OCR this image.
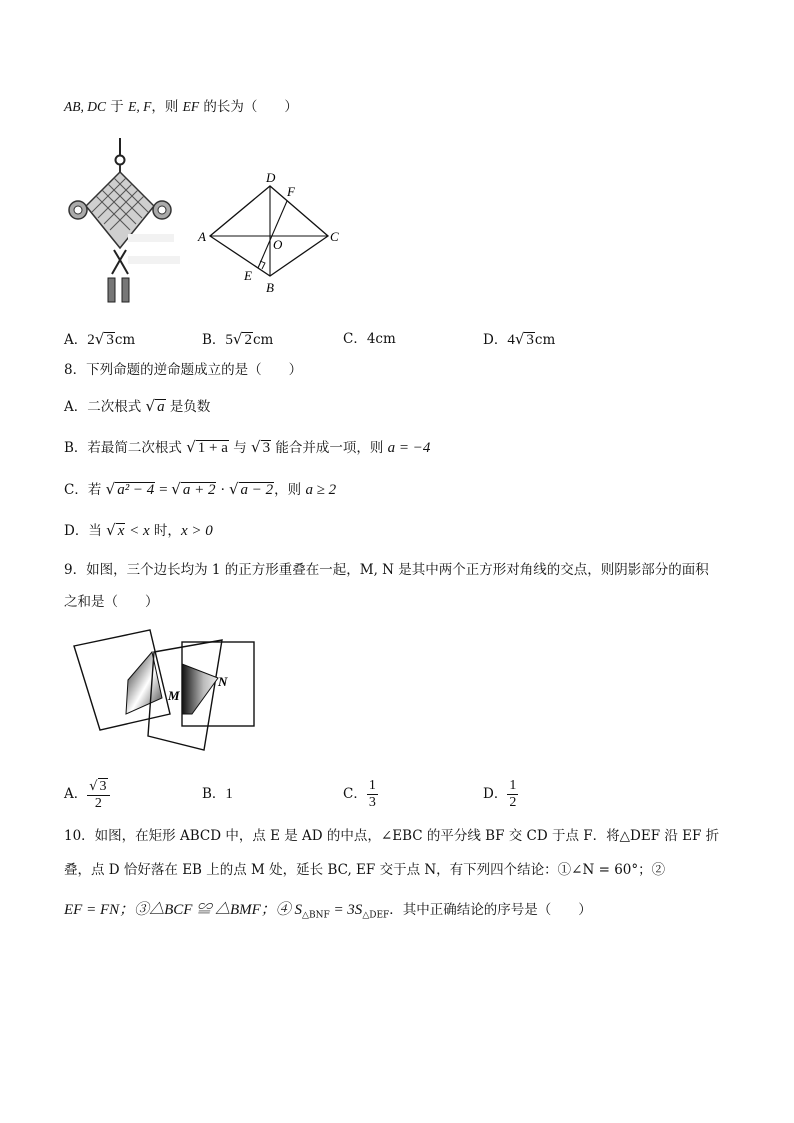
AB, DC 于 E, F，则 EF 的长为（　　）
D
F
A
O
C
E
B
A．2√ 3cm	B．5√ 2cm	C．4cm	D．4√ 3cm
8．下列命题的逆命题成立的是（　　）
A．二次根式 √ a 是负数
B．若最简二次根式 √ 1 + a 与 √ 3 能合并成一项，则 a = −4
C．若 √ a² − 4 = √ a + 2 · √ a − 2，则 a ≥ 2
D．当 √ x < x 时，x > 0
9．如图，三个边长均为 1 的正方形重叠在一起，M, N 是其中两个正方形对角线的交点，则阴影部分的面积
之和是（　　）
M
N
A． $\frac{√ 3}{2}$	B．1	C． $\frac{1}{3}$	D． $\frac{1}{2}$
10．如图，在矩形 ABCD 中，点 E 是 AD 的中点，∠EBC 的平分线 BF 交 CD 于点 F．将△DEF 沿 EF 折
叠，点 D 恰好落在 EB 上的点 M 处，延长 BC, EF 交于点 N，有下列四个结论：①∠N = 60°；②
EF = FN；③△BCF ≌ △BMF；④ $S_{\triangle BNF} = 3S_{\triangle DEF}$．其中正确结论的序号是（　　）
